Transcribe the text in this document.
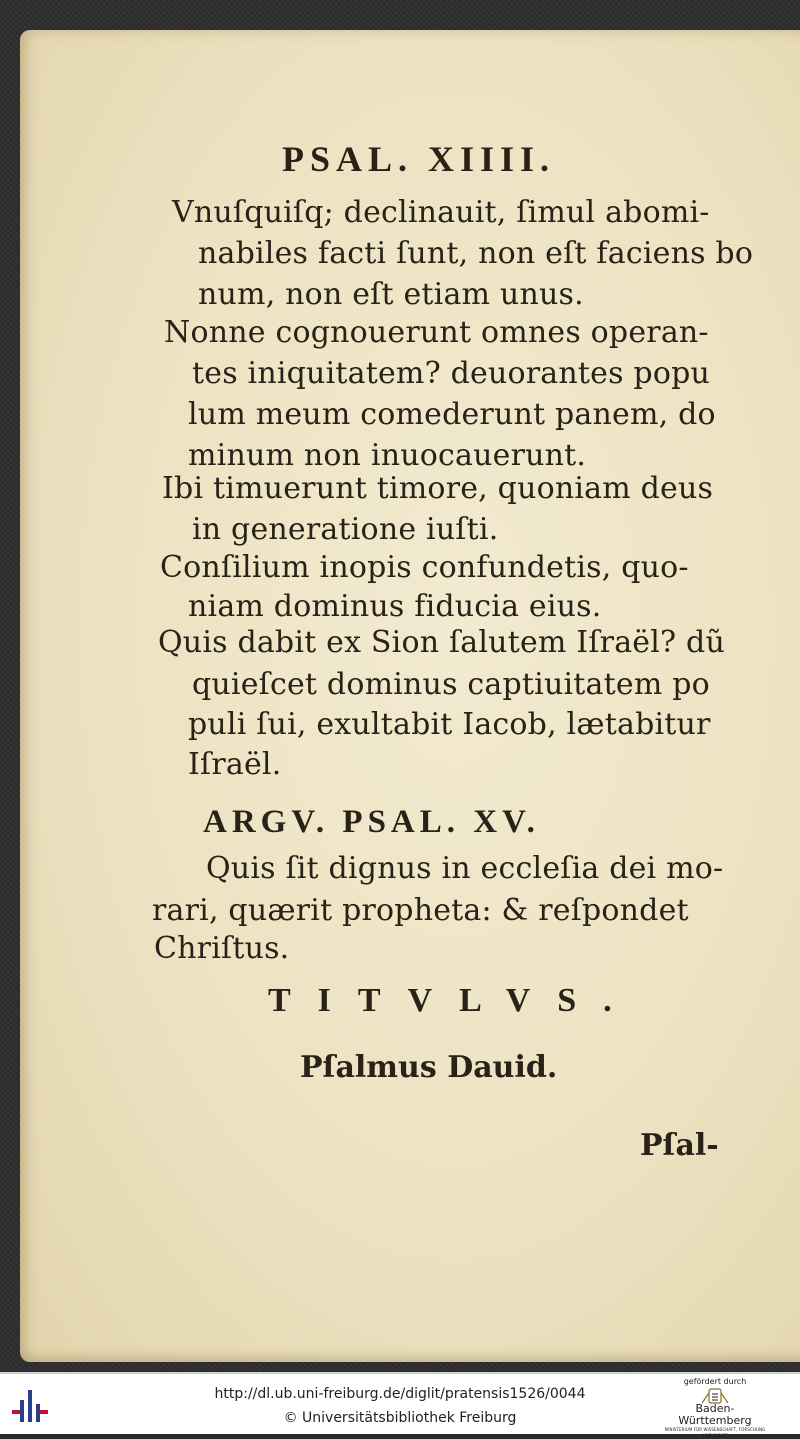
PSAL. XIIII.

Vnuſquiſq; declinauit, ſimul abomi-

nabiles facti ſunt, non eſt faciens bo

num, non eſt etiam unus.

Nonne cognouerunt omnes operan-

tes iniquitatem? deuorantes popu

lum meum comederunt panem, do

minum non inuocauerunt.

Ibi timuerunt timore, quoniam deus

in generatione iuſti.

Conſilium inopis confundetis, quo-

niam dominus fiducia eius.

Quis dabit ex Sion ſalutem Iſraël? dũ

quieſcet dominus captiuitatem po

puli ſui, exultabit Iacob, lætabitur

Iſraël.

ARGV. PSAL. XV.

Quis ſit dignus in eccleſia dei mo-

rari, quærit propheta: & reſpondet

Chriſtus.

TITVLVS.

Pſalmus Dauid.

Pſal-

http://dl.ub.uni-freiburg.de/diglit/pratensis1526/0044
© Universitätsbibliothek Freiburg
gefördert durch
Baden-Württemberg
MINISTERIUM FÜR WISSENSCHAFT, FORSCHUNG UND KUNST
